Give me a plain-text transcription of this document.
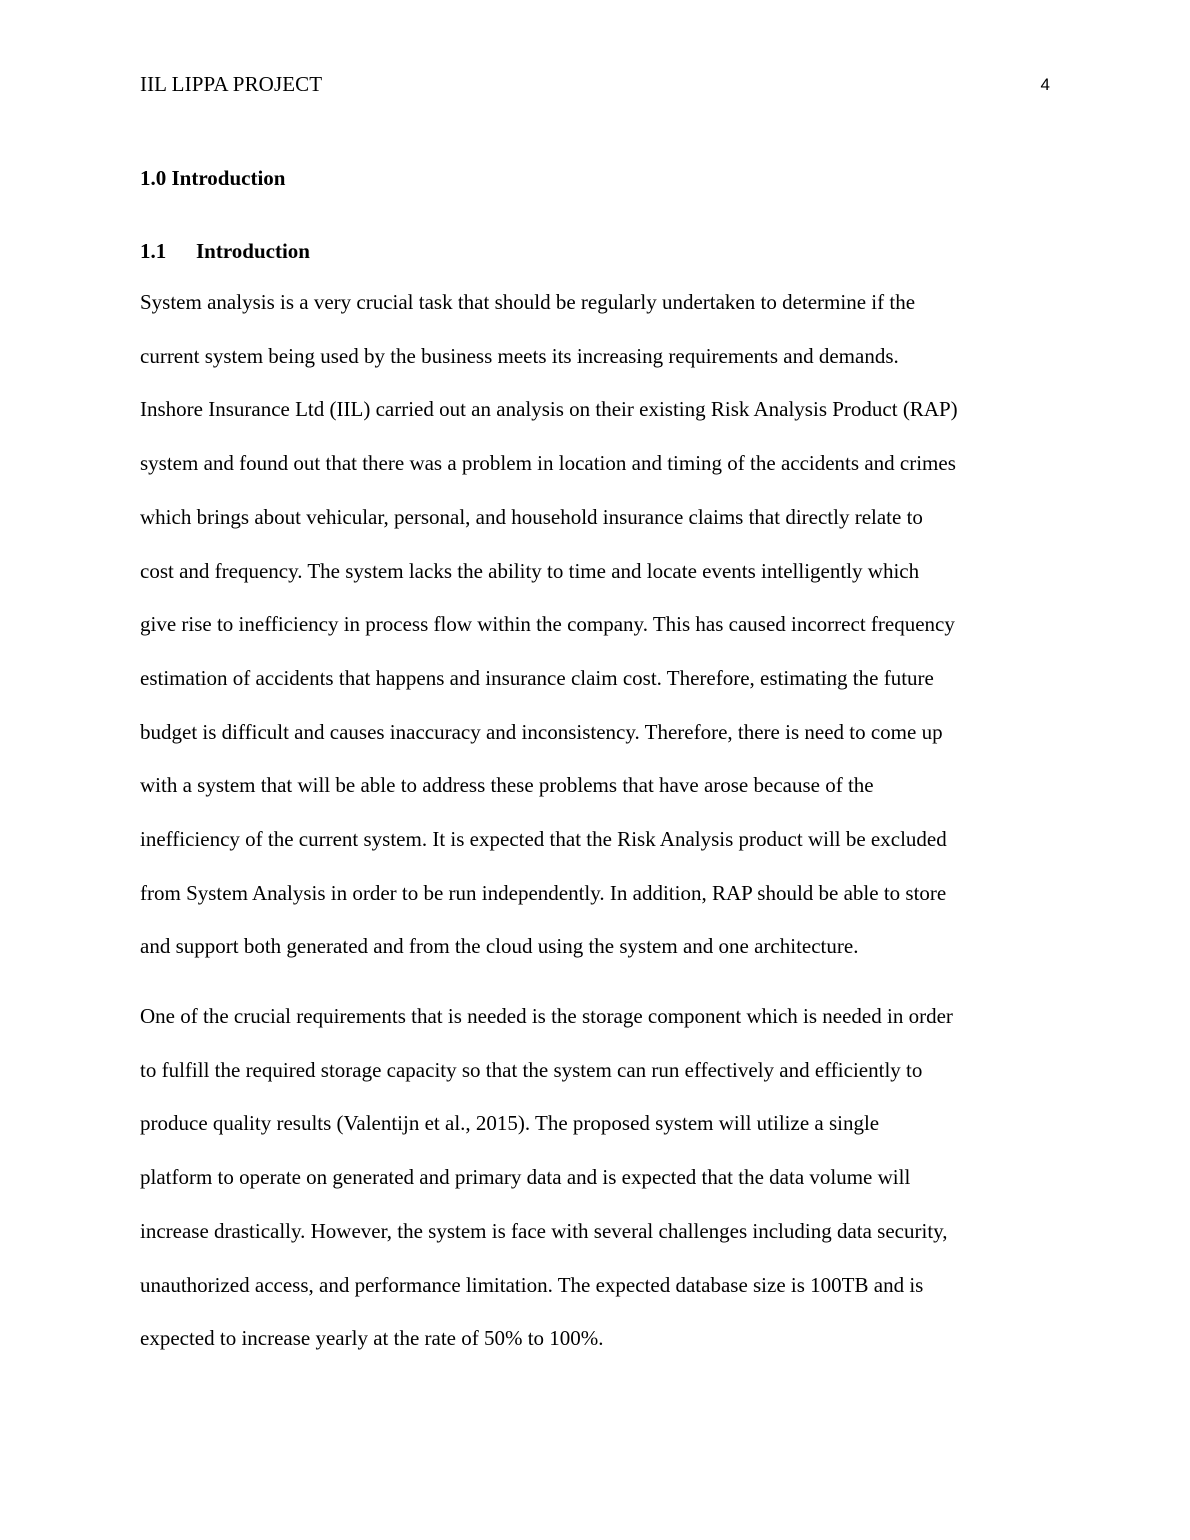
IIL LIPPA PROJECT	4
1.0 Introduction
1.1	Introduction

System analysis is a very crucial task that should be regularly undertaken to determine if the
current system being used by the business meets its increasing requirements and demands.
Inshore Insurance Ltd (IIL) carried out an analysis on their existing Risk Analysis Product (RAP)
system and found out that there was a problem in location and timing of the accidents and crimes
which brings about vehicular, personal, and household insurance claims that directly relate to
cost and frequency. The system lacks the ability to time and locate events intelligently which
give rise to inefficiency in process flow within the company. This has caused incorrect frequency
estimation of accidents that happens and insurance claim cost. Therefore, estimating the future
budget is difficult and causes inaccuracy and inconsistency. Therefore, there is need to come up
with a system that will be able to address these problems that have arose because of the
inefficiency of the current system. It is expected that the Risk Analysis product will be excluded
from System Analysis in order to be run independently. In addition, RAP should be able to store
and support both generated and from the cloud using the system and one architecture.

One of the crucial requirements that is needed is the storage component which is needed in order
to fulfill the required storage capacity so that the system can run effectively and efficiently to
produce quality results (Valentijn et al., 2015). The proposed system will utilize a single
platform to operate on generated and primary data and is expected that the data volume will
increase drastically. However, the system is face with several challenges including data security,
unauthorized access, and performance limitation. The expected database size is 100TB and is
expected to increase yearly at the rate of 50% to 100%.
